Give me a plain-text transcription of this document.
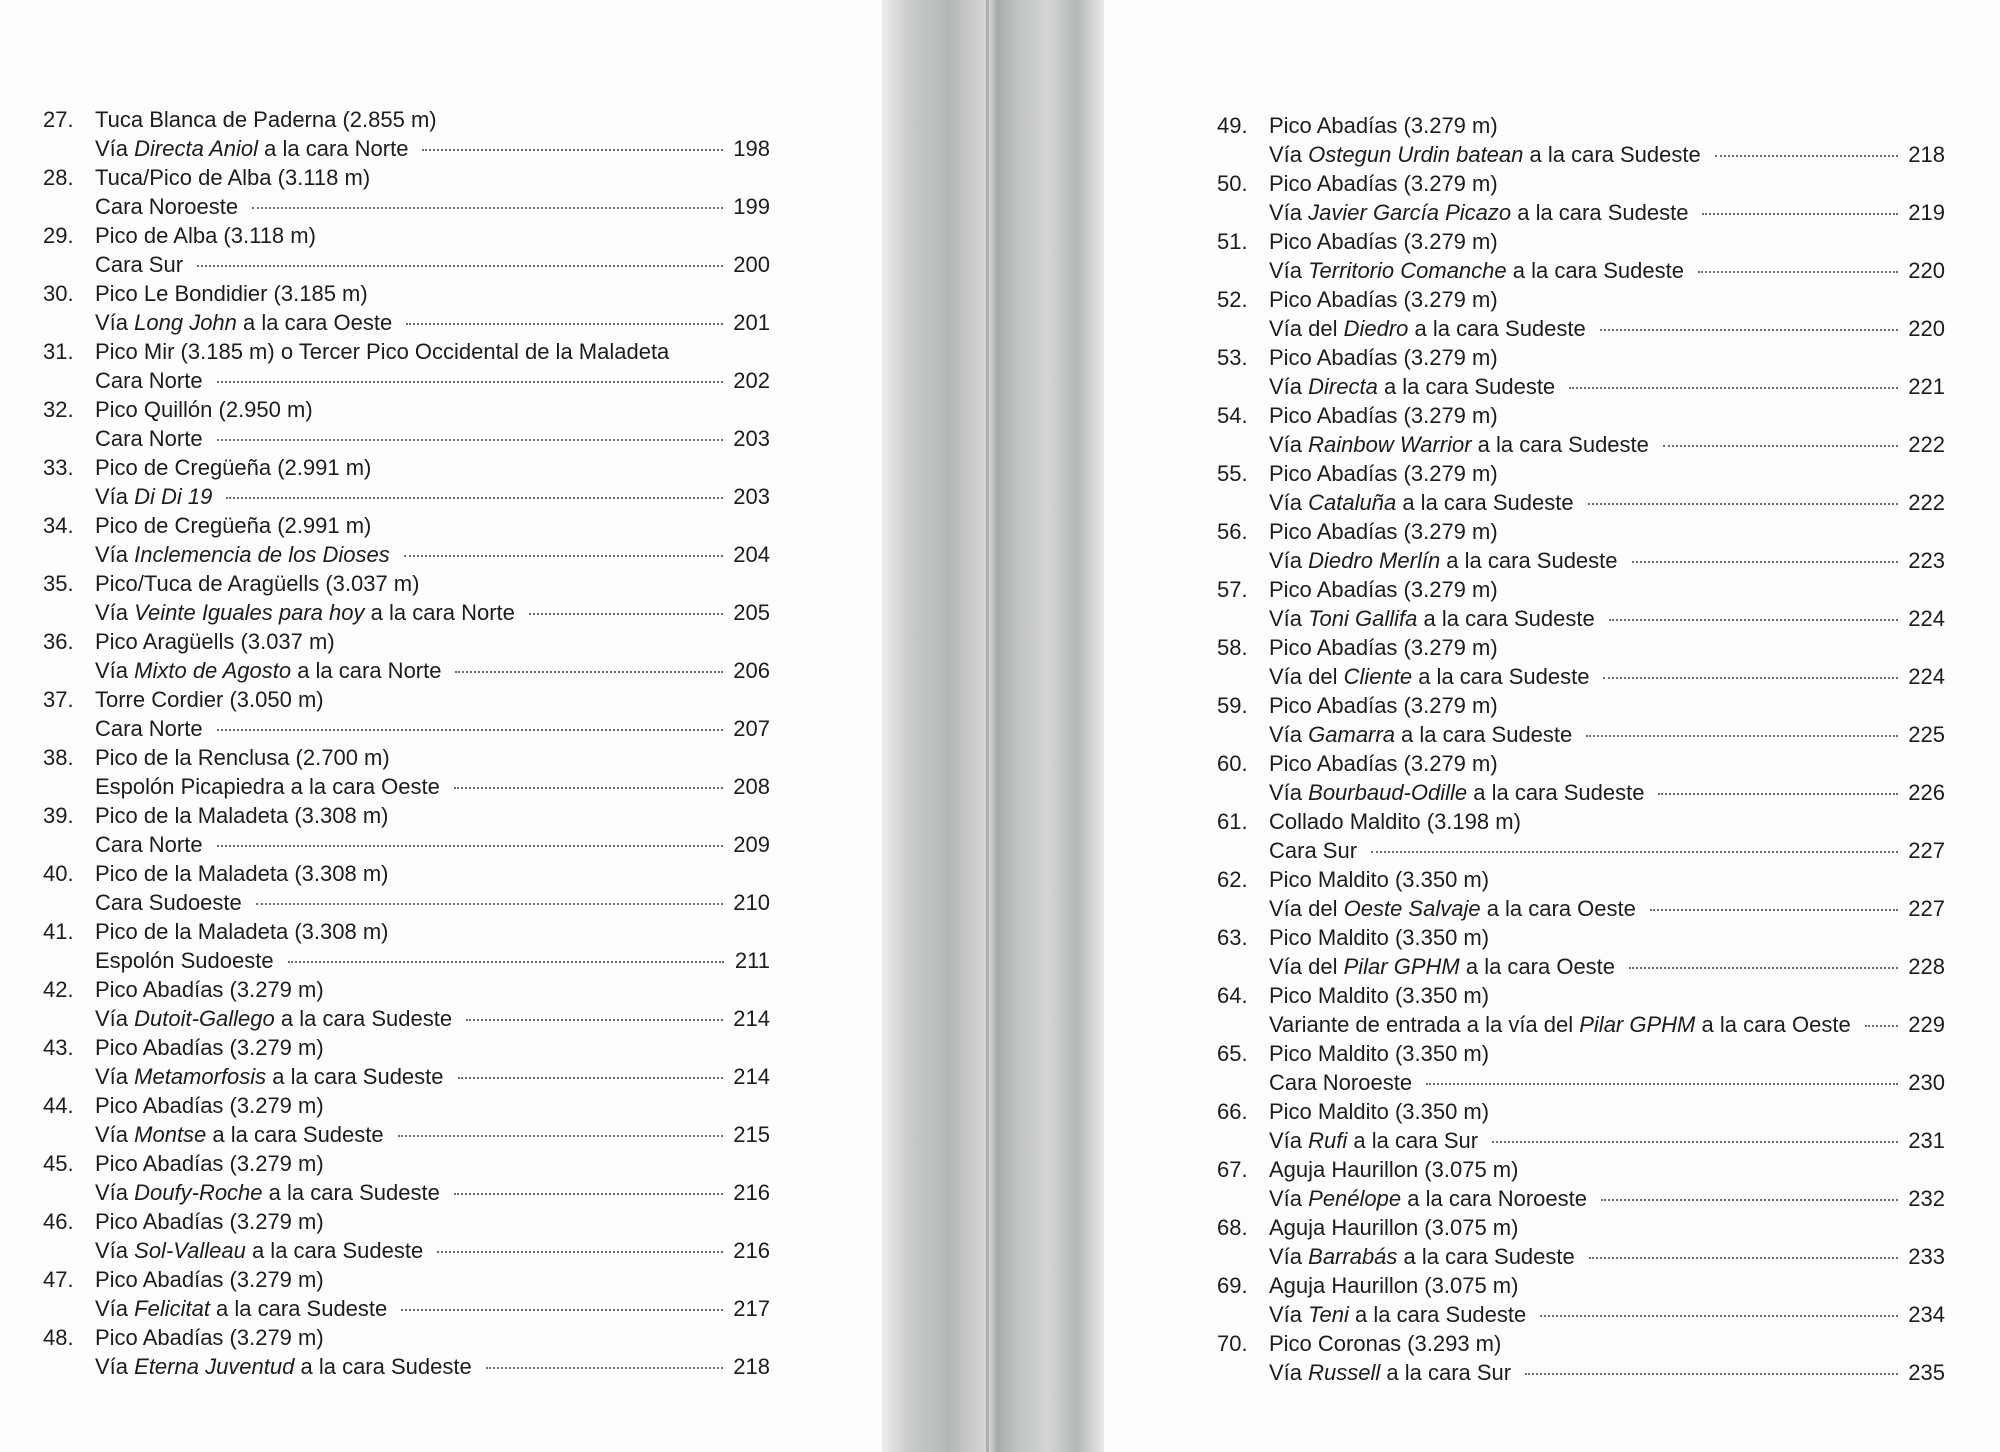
27. Tuca Blanca de Paderna (2.855 m)
Vía Directa Aniol a la cara Norte	198
28. Tuca/Pico de Alba (3.118 m)
Cara Noroeste	199
29. Pico de Alba (3.118 m)
Cara Sur	200
30. Pico Le Bondidier (3.185 m)
Vía Long John a la cara Oeste	201
31. Pico Mir (3.185 m) o Tercer Pico Occidental de la Maladeta
Cara Norte	202
32. Pico Quillón (2.950 m)
Cara Norte	203
33. Pico de Cregüeña (2.991 m)
Vía Di Di 19	203
34. Pico de Cregüeña (2.991 m)
Vía Inclemencia de los Dioses	204
35. Pico/Tuca de Aragüells (3.037 m)
Vía Veinte Iguales para hoy a la cara Norte	205
36. Pico Aragüells (3.037 m)
Vía Mixto de Agosto a la cara Norte	206
37. Torre Cordier (3.050 m)
Cara Norte	207
38. Pico de la Renclusa (2.700 m)
Espolón Picapiedra a la cara Oeste	208
39. Pico de la Maladeta (3.308 m)
Cara Norte	209
40. Pico de la Maladeta (3.308 m)
Cara Sudoeste	210
41. Pico de la Maladeta (3.308 m)
Espolón Sudoeste	211
42. Pico Abadías (3.279 m)
Vía Dutoit-Gallego a la cara Sudeste	214
43. Pico Abadías (3.279 m)
Vía Metamorfosis a la cara Sudeste	214
44. Pico Abadías (3.279 m)
Vía Montse a la cara Sudeste	215
45. Pico Abadías (3.279 m)
Vía Doufy-Roche a la cara Sudeste	216
46. Pico Abadías (3.279 m)
Vía Sol-Valleau a la cara Sudeste	216
47. Pico Abadías (3.279 m)
Vía Felicitat a la cara Sudeste	217
48. Pico Abadías (3.279 m)
Vía Eterna Juventud a la cara Sudeste	218
49. Pico Abadías (3.279 m)
Vía Ostegun Urdin batean a la cara Sudeste	218
50. Pico Abadías (3.279 m)
Vía Javier García Picazo a la cara Sudeste	219
51. Pico Abadías (3.279 m)
Vía Territorio Comanche a la cara Sudeste	220
52. Pico Abadías (3.279 m)
Vía del Diedro a la cara Sudeste	220
53. Pico Abadías (3.279 m)
Vía Directa a la cara Sudeste	221
54. Pico Abadías (3.279 m)
Vía Rainbow Warrior a la cara Sudeste	222
55. Pico Abadías (3.279 m)
Vía Cataluña a la cara Sudeste	222
56. Pico Abadías (3.279 m)
Vía Diedro Merlín a la cara Sudeste	223
57. Pico Abadías (3.279 m)
Vía Toni Gallifa a la cara Sudeste	224
58. Pico Abadías (3.279 m)
Vía del Cliente a la cara Sudeste	224
59. Pico Abadías (3.279 m)
Vía Gamarra a la cara Sudeste	225
60. Pico Abadías (3.279 m)
Vía Bourbaud-Odille a la cara Sudeste	226
61. Collado Maldito (3.198 m)
Cara Sur	227
62. Pico Maldito (3.350 m)
Vía del Oeste Salvaje a la cara Oeste	227
63. Pico Maldito (3.350 m)
Vía del Pilar GPHM a la cara Oeste	228
64. Pico Maldito (3.350 m)
Variante de entrada a la vía del Pilar GPHM a la cara Oeste	229
65. Pico Maldito (3.350 m)
Cara Noroeste	230
66. Pico Maldito (3.350 m)
Vía Rufi a la cara Sur	231
67. Aguja Haurillon (3.075 m)
Vía Penélope a la cara Noroeste	232
68. Aguja Haurillon (3.075 m)
Vía Barrabás a la cara Sudeste	233
69. Aguja Haurillon (3.075 m)
Vía Teni a la cara Sudeste	234
70. Pico Coronas (3.293 m)
Vía Russell a la cara Sur	235
